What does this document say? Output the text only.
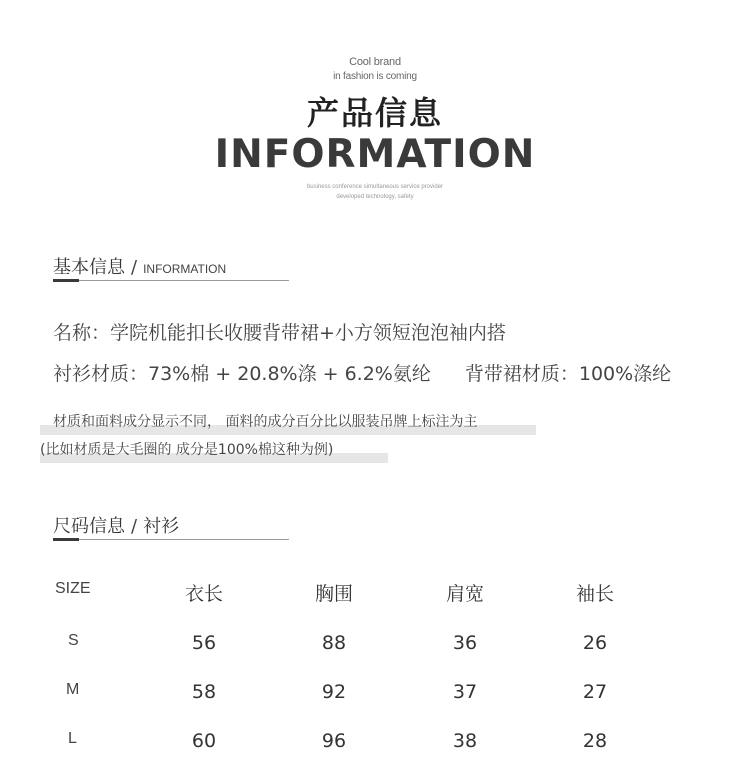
Cool brand
in fashion is coming
产品信息
INFORMATION
business conference simultaneous service provider
developed technology, safety
基本信息 / INFORMATION
名称：学院机能扣长收腰背带裙+小方领短泡泡袖内搭
衬衫材质：73%棉 + 20.8%涤 + 6.2%氨纶 背带裙材质：100%涤纶
材质和面料成分显示不同， 面料的成分百分比以服装吊牌上标注为主
(比如材质是大毛圈的 成分是100%棉这种为例)
尺码信息 / 衬衫
SIZE	衣长	胸围	肩宽	袖长
S	56	88	36	26
M	58	92	37	27
L	60	96	38	28
